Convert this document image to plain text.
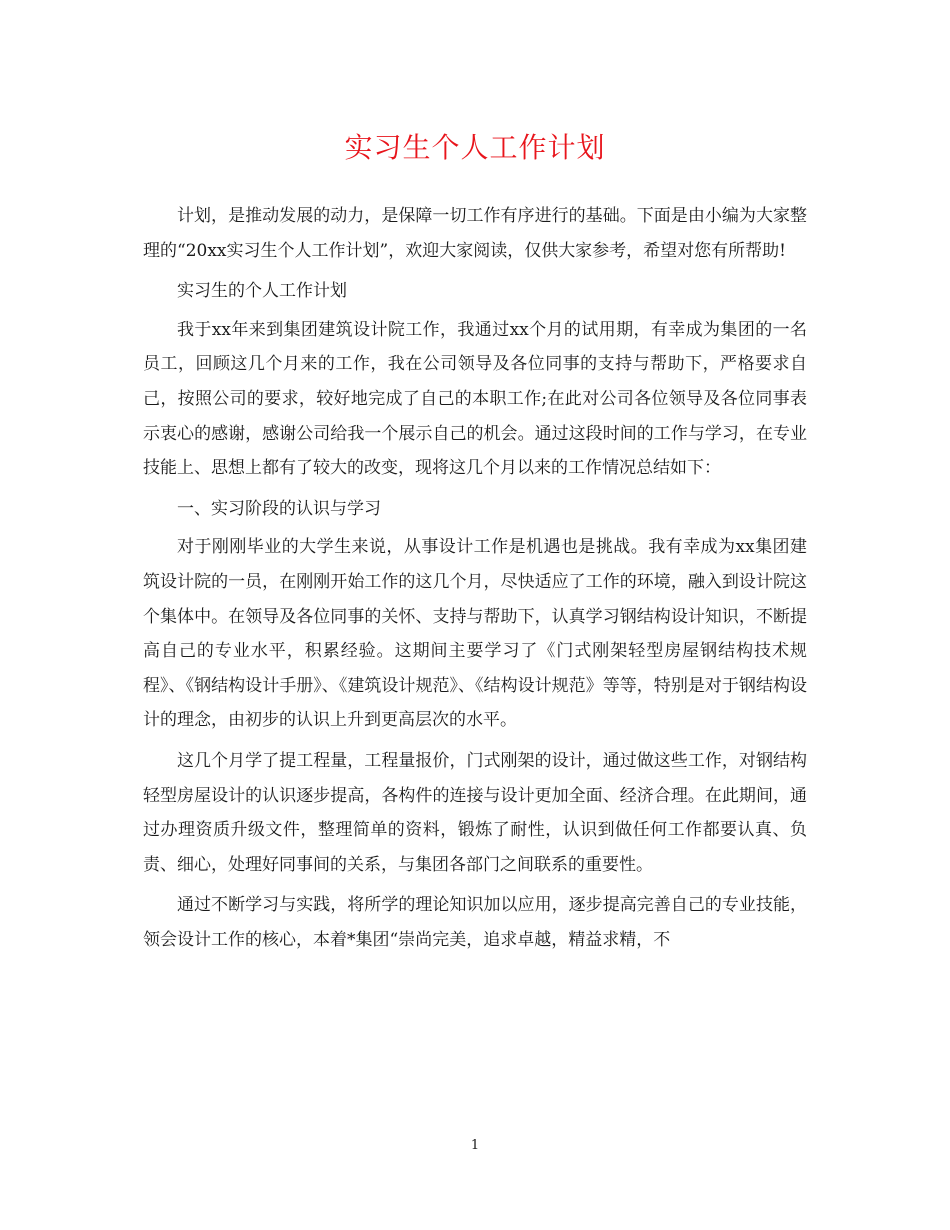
实习生个人工作计划

计划，是推动发展的动力，是保障一切工作有序进行的基础。下面是由小编为大家整理的“20xx实习生个人工作计划”，欢迎大家阅读，仅供大家参考，希望对您有所帮助!

实习生的个人工作计划

我于xx年来到集团建筑设计院工作，我通过xx个月的试用期，有幸成为集团的一名员工，回顾这几个月来的工作，我在公司领导及各位同事的支持与帮助下，严格要求自己，按照公司的要求，较好地完成了自己的本职工作;在此对公司各位领导及各位同事表示衷心的感谢，感谢公司给我一个展示自己的机会。通过这段时间的工作与学习，在专业技能上、思想上都有了较大的改变，现将这几个月以来的工作情况总结如下：

一、实习阶段的认识与学习

对于刚刚毕业的大学生来说，从事设计工作是机遇也是挑战。我有幸成为xx集团建筑设计院的一员，在刚刚开始工作的这几个月，尽快适应了工作的环境，融入到设计院这个集体中。在领导及各位同事的关怀、支持与帮助下，认真学习钢结构设计知识，不断提高自己的专业水平，积累经验。这期间主要学习了《门式刚架轻型房屋钢结构技术规程》、《钢结构设计手册》、《建筑设计规范》、《结构设计规范》等等，特别是对于钢结构设计的理念，由初步的认识上升到更高层次的水平。

这几个月学了提工程量，工程量报价，门式刚架的设计，通过做这些工作，对钢结构轻型房屋设计的认识逐步提高，各构件的连接与设计更加全面、经济合理。在此期间，通过办理资质升级文件，整理简单的资料，锻炼了耐性，认识到做任何工作都要认真、负责、细心，处理好同事间的关系，与集团各部门之间联系的重要性。

通过不断学习与实践，将所学的理论知识加以应用，逐步提高完善自己的专业技能，领会设计工作的核心，本着*集团“崇尚完美，追求卓越，精益求精，不

1
